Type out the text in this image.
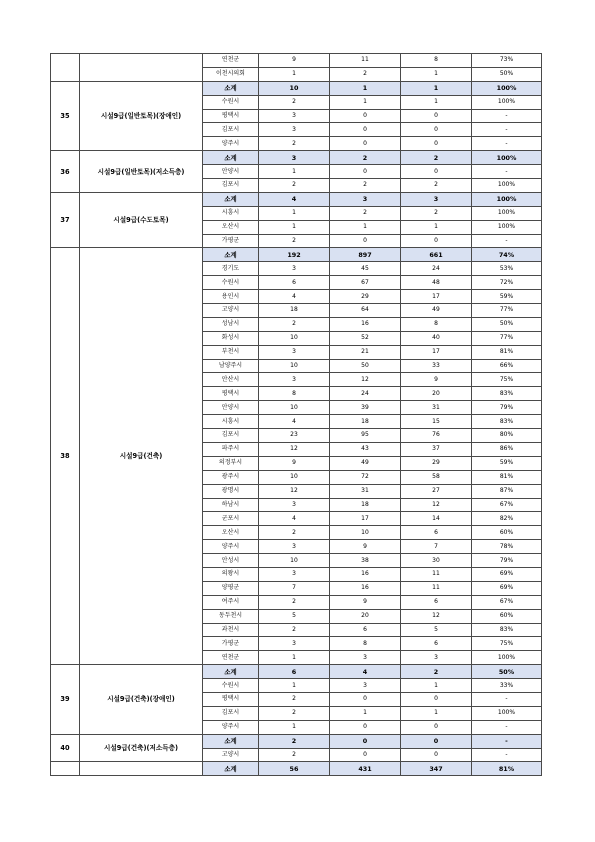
		연천군	9	11	8	73%
		이천시의회	1	2	1	50%
35	시설9급(일반토목)(장애인)	소계	10	1	1	100%
		수원시	2	1	1	100%
		평택시	3	0	0	-
		김포시	3	0	0	-
		양주시	2	0	0	-
36	시설9급(일반토목)(저소득층)	소계	3	2	2	100%
		안양시	1	0	0	-
		김포시	2	2	2	100%
37	시설9급(수도토목)	소계	4	3	3	100%
		시흥시	1	2	2	100%
		오산시	1	1	1	100%
		가평군	2	0	0	-
38	시설9급(건축)	소계	192	897	661	74%
		경기도	3	45	24	53%
		수원시	6	67	48	72%
		용인시	4	29	17	59%
		고양시	18	64	49	77%
		성남시	2	16	8	50%
		화성시	10	52	40	77%
		부천시	3	21	17	81%
		남양주시	10	50	33	66%
		안산시	3	12	9	75%
		평택시	8	24	20	83%
		안양시	10	39	31	79%
		시흥시	4	18	15	83%
		김포시	23	95	76	80%
		파주시	12	43	37	86%
		의정부시	9	49	29	59%
		광주시	10	72	58	81%
		광명시	12	31	27	87%
		하남시	3	18	12	67%
		군포시	4	17	14	82%
		오산시	2	10	6	60%
		양주시	3	9	7	78%
		안성시	10	38	30	79%
		의왕시	3	16	11	69%
		양평군	7	16	11	69%
		여주시	2	9	6	67%
		동두천시	5	20	12	60%
		과천시	2	6	5	83%
		가평군	3	8	6	75%
		연천군	1	3	3	100%
39	시설9급(건축)(장애인)	소계	6	4	2	50%
		수원시	1	3	1	33%
		평택시	2	0	0	-
		김포시	2	1	1	100%
		양주시	1	0	0	-
40	시설9급(건축)(저소득층)	소계	2	0	0	-
		고양시	2	0	0	-
		소계	56	431	347	81%
